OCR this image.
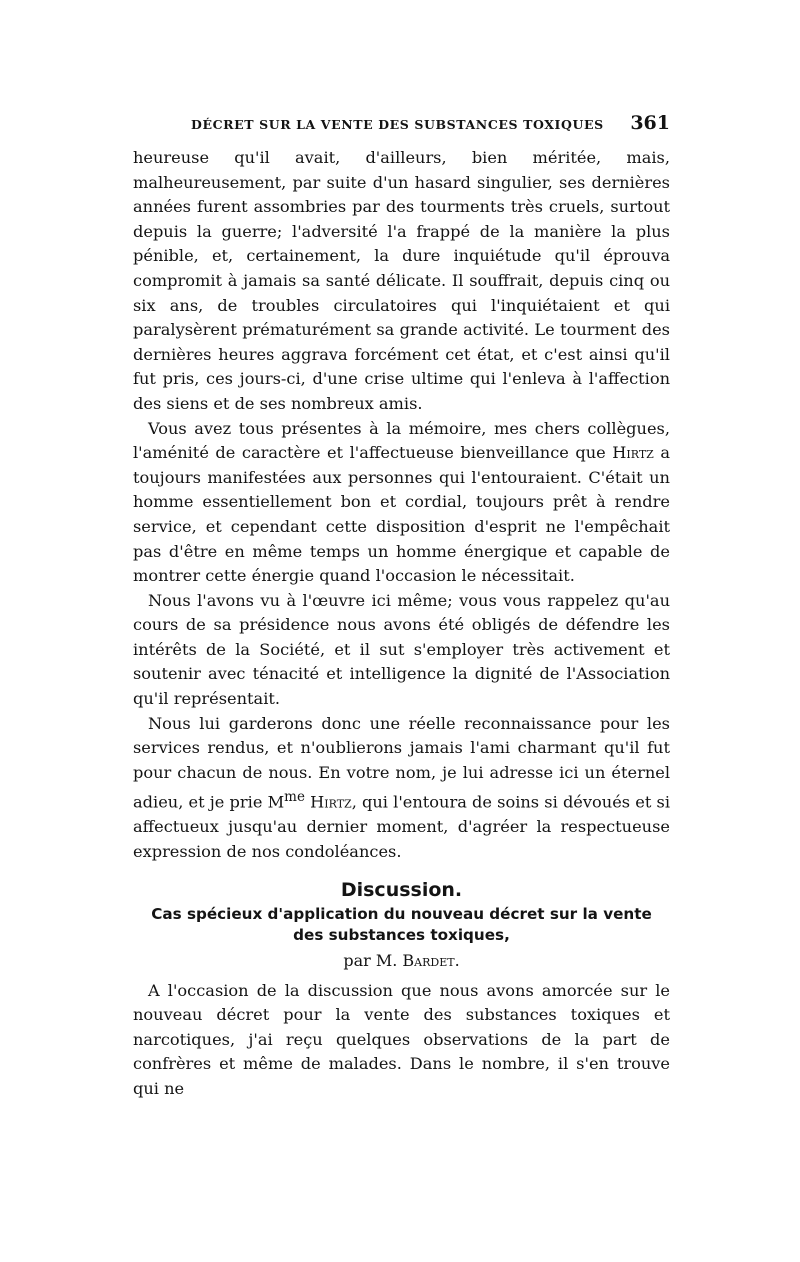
DÉCRET SUR LA VENTE DES SUBSTANCES TOXIQUES 361

heureuse qu'il avait, d'ailleurs, bien méritée, mais, malheureusement, par suite d'un hasard singulier, ses dernières années furent assombries par des tourments très cruels, surtout depuis la guerre; l'adversité l'a frappé de la manière la plus pénible, et, certainement, la dure inquiétude qu'il éprouva compromit à jamais sa santé délicate. Il souffrait, depuis cinq ou six ans, de troubles circulatoires qui l'inquiétaient et qui paralysèrent prématurément sa grande activité. Le tourment des dernières heures aggrava forcément cet état, et c'est ainsi qu'il fut pris, ces jours-ci, d'une crise ultime qui l'enleva à l'affection des siens et de ses nombreux amis.

Vous avez tous présentes à la mémoire, mes chers collègues, l'aménité de caractère et l'affectueuse bienveillance que Hirtz a toujours manifestées aux personnes qui l'entouraient. C'était un homme essentiellement bon et cordial, toujours prêt à rendre service, et cependant cette disposition d'esprit ne l'empêchait pas d'être en même temps un homme énergique et capable de montrer cette énergie quand l'occasion le nécessitait.

Nous l'avons vu à l'œuvre ici même; vous vous rappelez qu'au cours de sa présidence nous avons été obligés de défendre les intérêts de la Société, et il sut s'employer très activement et soutenir avec ténacité et intelligence la dignité de l'Association qu'il représentait.

Nous lui garderons donc une réelle reconnaissance pour les services rendus, et n'oublierons jamais l'ami charmant qu'il fut pour chacun de nous. En votre nom, je lui adresse ici un éternel adieu, et je prie $M^{me}$ Hirtz, qui l'entoura de soins si dévoués et si affectueux jusqu'au dernier moment, d'agréer la respectueuse expression de nos condoléances.

Discussion.
Cas spécieux d'application du nouveau décret sur la vente des substances toxiques,
par M. Bardet.

A l'occasion de la discussion que nous avons amorcée sur le nouveau décret pour la vente des substances toxiques et narcotiques, j'ai reçu quelques observations de la part de confrères et même de malades. Dans le nombre, il s'en trouve qui ne
